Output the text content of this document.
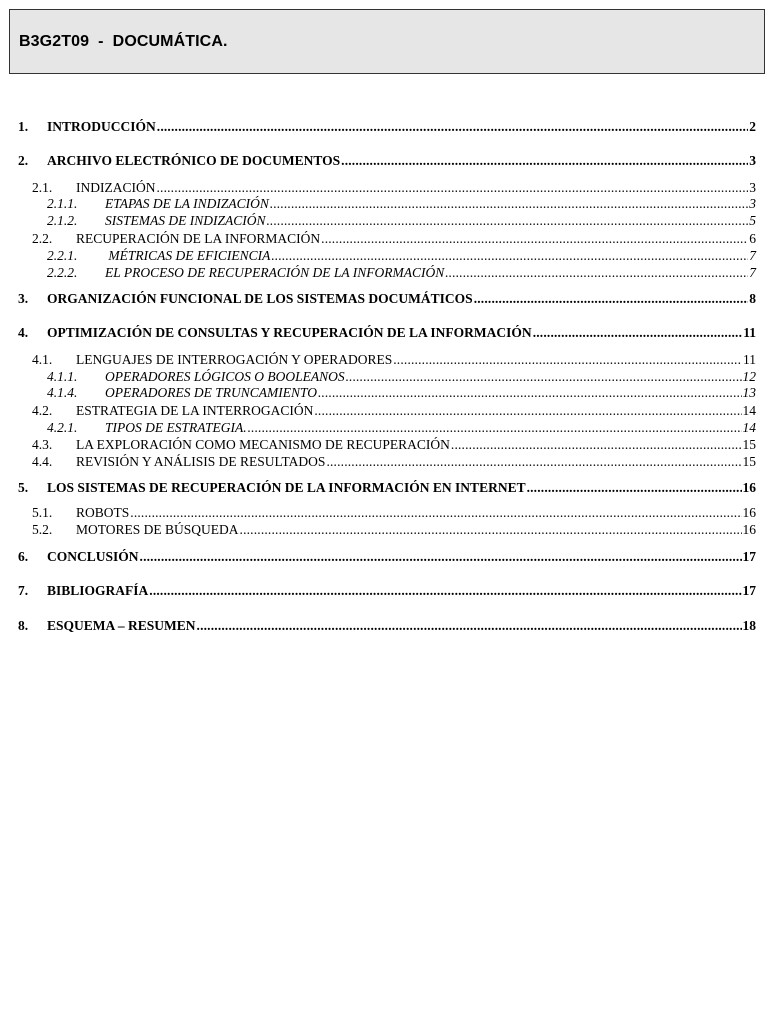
B3G2T09  -  DOCUMÁTICA.
1.	INTRODUCCIÓN . . .	2
2.	ARCHIVO ELECTRÓNICO DE DOCUMENTOS . . .	3
2.1.	INDIZACIÓN . . .	3
2.1.1.	ETAPAS DE LA INDIZACIÓN . . .	3
2.1.2.	SISTEMAS DE INDIZACIÓN . . .	5
2.2.	RECUPERACIÓN DE LA INFORMACIÓN . . .	6
2.2.1.	MÉTRICAS DE EFICIENCIA . . .	7
2.2.2.	EL PROCESO DE RECUPERACIÓN DE LA INFORMACIÓN . . .	7
3.	ORGANIZACIÓN FUNCIONAL DE LOS SISTEMAS DOCUMÁTICOS . . .	8
4.	OPTIMIZACIÓN DE CONSULTAS Y RECUPERACIÓN DE LA INFORMACIÓN . . .	11
4.1.	LENGUAJES DE INTERROGACIÓN Y OPERADORES . . .	11
4.1.1.	OPERADORES LÓGICOS O BOOLEANOS . . .	12
4.1.4.	OPERADORES DE TRUNCAMIENTO . . .	13
4.2.	ESTRATEGIA DE LA INTERROGACIÓN . . .	14
4.2.1.	TIPOS DE ESTRATEGIA. . . .	14
4.3.	LA EXPLORACIÓN COMO MECANISMO DE RECUPERACIÓN . . .	15
4.4.	REVISIÓN Y ANÁLISIS DE RESULTADOS . . .	15
5.	LOS SISTEMAS DE RECUPERACIÓN DE LA INFORMACIÓN EN INTERNET . . .	16
5.1.	ROBOTS . . .	16
5.2.	MOTORES DE BÚSQUEDA . . .	16
6.	CONCLUSIÓN . . .	17
7.	BIBLIOGRAFÍA . . .	17
8.	ESQUEMA – RESUMEN . . .	18
